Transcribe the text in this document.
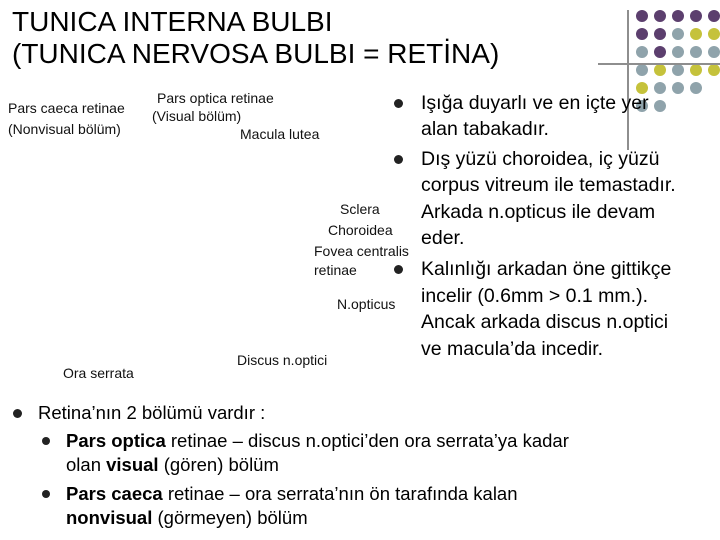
TUNICA INTERNA BULBI
(TUNICA NERVOSA BULBI = RETİNA)
Pars optica retinae
(Visual bölüm)
Pars caeca retinae
(Nonvisual bölüm)	Macula lutea
Sclera
Choroidea
Fovea centralis
retinae
N.opticus
Ora serrata
Discus n.optici
Işığa duyarlı ve en içte yer
alan tabakadır.
Dış yüzü choroidea, iç yüzü
corpus vitreum ile temastadır.
Arkada n.opticus ile devam
eder.
Kalınlığı arkadan öne gittikçe
incelir (0.6mm > 0.1 mm.).
Ancak arkada discus n.optici
ve macula’da incedir.
Retina’nın 2 bölümü vardır :
Pars optica retinae – discus n.optici’den ora serrata’ya kadar
olan visual (gören) bölüm
Pars caeca retinae – ora serrata’nın ön tarafında kalan
nonvisual (görmeyen) bölüm
